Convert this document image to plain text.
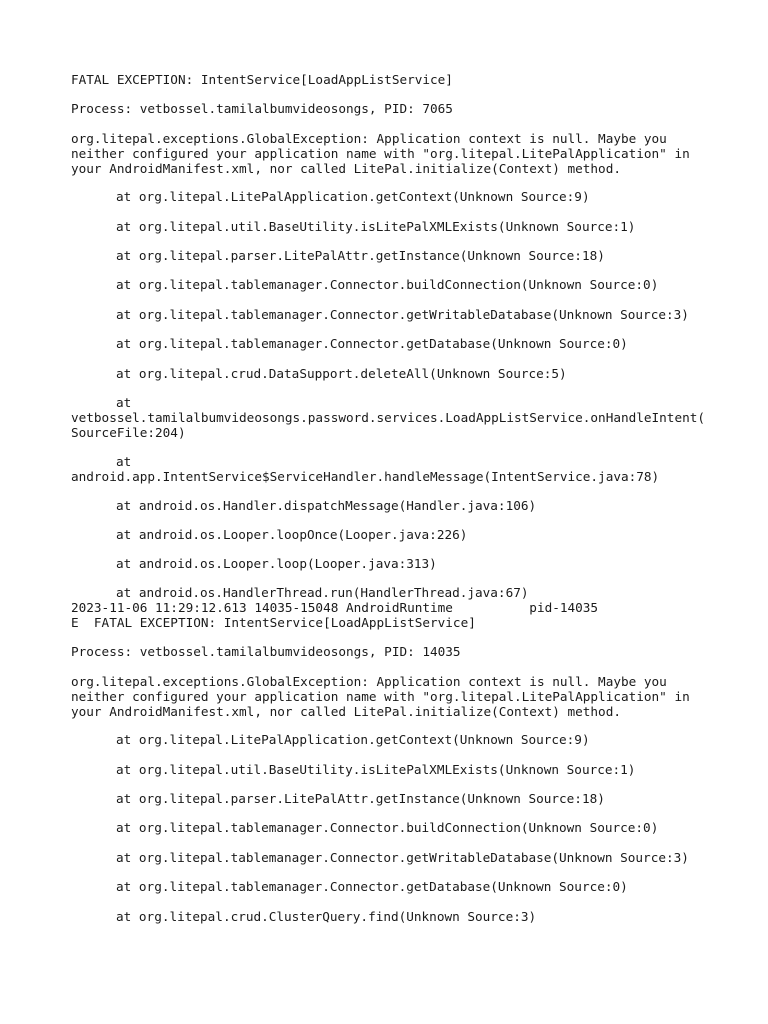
FATAL EXCEPTION: IntentService[LoadAppListService]

Process: vetbossel.tamilalbumvideosongs, PID: 7065

org.litepal.exceptions.GlobalException: Application context is null. Maybe you

neither configured your application name with "org.litepal.LitePalApplication" in

your AndroidManifest.xml, nor called LitePal.initialize(Context) method.

at org.litepal.LitePalApplication.getContext(Unknown Source:9)

at org.litepal.util.BaseUtility.isLitePalXMLExists(Unknown Source:1)

at org.litepal.parser.LitePalAttr.getInstance(Unknown Source:18)

at org.litepal.tablemanager.Connector.buildConnection(Unknown Source:0)

at org.litepal.tablemanager.Connector.getWritableDatabase(Unknown Source:3)

at org.litepal.tablemanager.Connector.getDatabase(Unknown Source:0)

at org.litepal.crud.DataSupport.deleteAll(Unknown Source:5)

at

vetbossel.tamilalbumvideosongs.password.services.LoadAppListService.onHandleIntent(

SourceFile:204)

at

android.app.IntentService$ServiceHandler.handleMessage(IntentService.java:78)

at android.os.Handler.dispatchMessage(Handler.java:106)

at android.os.Looper.loopOnce(Looper.java:226)

at android.os.Looper.loop(Looper.java:313)

at android.os.HandlerThread.run(HandlerThread.java:67)

2023-11-06 11:29:12.613 14035-15048 AndroidRuntime          pid-14035

E  FATAL EXCEPTION: IntentService[LoadAppListService]

Process: vetbossel.tamilalbumvideosongs, PID: 14035

org.litepal.exceptions.GlobalException: Application context is null. Maybe you

neither configured your application name with "org.litepal.LitePalApplication" in

your AndroidManifest.xml, nor called LitePal.initialize(Context) method.

at org.litepal.LitePalApplication.getContext(Unknown Source:9)

at org.litepal.util.BaseUtility.isLitePalXMLExists(Unknown Source:1)

at org.litepal.parser.LitePalAttr.getInstance(Unknown Source:18)

at org.litepal.tablemanager.Connector.buildConnection(Unknown Source:0)

at org.litepal.tablemanager.Connector.getWritableDatabase(Unknown Source:3)

at org.litepal.tablemanager.Connector.getDatabase(Unknown Source:0)

at org.litepal.crud.ClusterQuery.find(Unknown Source:3)
